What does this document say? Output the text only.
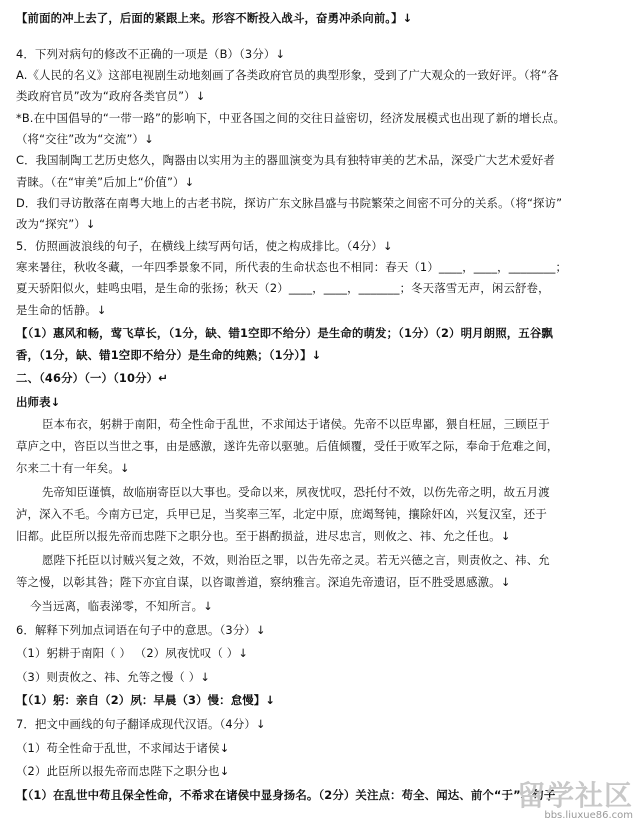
【前面的冲上去了，后面的紧跟上来。形容不断投入战斗，奋勇冲杀向前。】↓
4．下列对病句的修改不正确的一项是（B）（3分）↓
A.《人民的名义》这部电视剧生动地刻画了各类政府官员的典型形象，受到了广大观众的一致好评。（将“各
类政府官员”改为“政府各类官员”）↓
*B.在中国倡导的“一带一路”的影响下，中亚各国之间的交往日益密切，经济发展模式也出现了新的增长点。
（将“交往”改为“交流”）↓
C．我国制陶工艺历史悠久，陶器由以实用为主的器皿演变为具有独特审美的艺术品，深受广大艺术爱好者
青睐。（在“审美”后加上“价值”）↓
D．我们寻访散落在南粤大地上的古老书院，探访广东文脉昌盛与书院繁荣之间密不可分的关系。（将“探访”
改为“探究”）↓
5．仿照画波浪线的句子，在横线上续写两句话，使之构成排比。（4分）↓
寒来暑往，秋收冬藏，一年四季景象不同，所代表的生命状态也不相同：春天（1）____，____，________；
夏天骄阳似火，蛙鸣虫唱，是生命的张扬；秋天（2）____，____，_______；冬天落雪无声，闲云舒卷，
是生命的恬静。↓
【（1）惠风和畅，莺飞草长，（1分，缺、错1空即不给分）是生命的萌发；（1分）（2）明月朗照，五谷飘
香，（1分，缺、错1空即不给分）是生命的纯熟；（1分）】↓
二、（46分）（一）（10分）↵
出师表↓
臣本布衣，躬耕于南阳，苟全性命于乱世，不求闻达于诸侯。先帝不以臣卑鄙，猥自枉屈，三顾臣于
草庐之中，咨臣以当世之事，由是感激，遂许先帝以驱驰。后值倾覆，受任于败军之际，奉命于危难之间，
尔来二十有一年矣。↓
先帝知臣谨慎，故临崩寄臣以大事也。受命以来，夙夜忧叹，恐托付不效，以伤先帝之明，故五月渡
泸，深入不毛。今南方已定，兵甲已足，当奖率三军，北定中原，庶竭驽钝，攘除奸凶，兴复汉室，还于
旧都。此臣所以报先帝而忠陛下之职分也。至于斟酌损益，进尽忠言，则攸之、祎、允之任也。↓
愿陛下托臣以讨贼兴复之效，不效，则治臣之罪，以告先帝之灵。若无兴德之言，则责攸之、祎、允
等之慢，以彰其咎；陛下亦宜自谋，以咨诹善道，察纳雅言。深追先帝遗诏，臣不胜受恩感激。↓
今当远离，临表涕零，不知所言。↓
6．解释下列加点词语在句子中的意思。（3分）↓
（1）躬耕于南阳（ ） （2）夙夜忧叹（ ）↓
（3）则责攸之、祎、允等之慢（ ）↓
【（1）躬：亲自（2）夙：早晨（3）慢：怠慢】↓
7．把文中画线的句子翻译成现代汉语。（4分）↓
（1）苟全性命于乱世，不求闻达于诸侯↓
（2）此臣所以报先帝而忠陛下之职分也↓
【（1）在乱世中苟且保全性命，不希求在诸侯中显身扬名。（2分）关注点：苟全、闻达、前个“于”、句子
留学社区
bbs.liuxue86.com
